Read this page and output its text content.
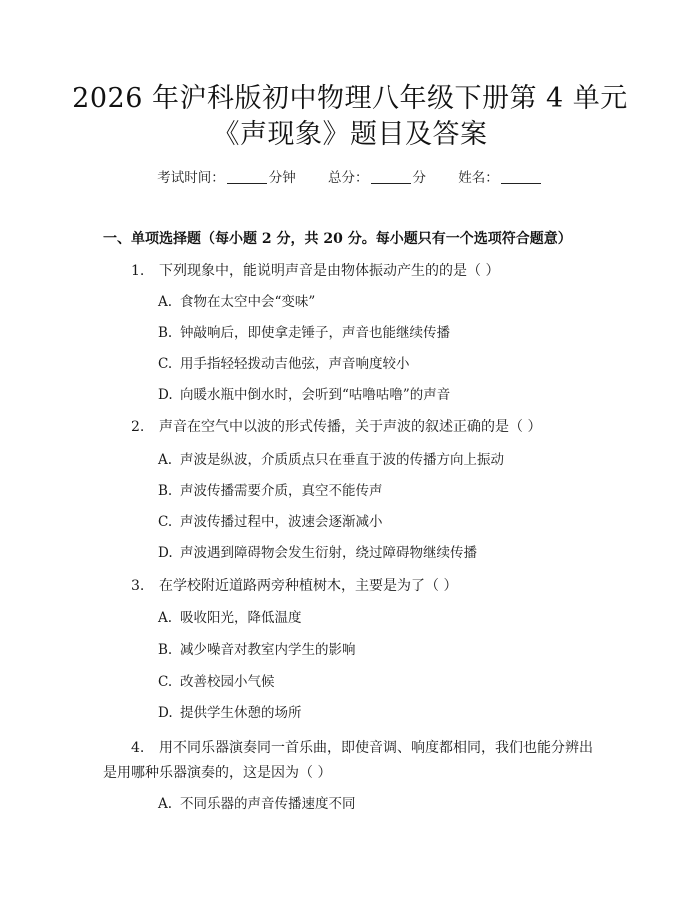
2026 年沪科版初中物理八年级下册第 4 单元
《声现象》题目及答案
考试时间：	分钟 总分：	分 姓名：
一、单项选择题（每小题 2 分，共 20 分。每小题只有一个选项符合题意）
1. 下列现象中，能说明声音是由物体振动产生的的是（ ）
A. 食物在太空中会“变味”
B. 钟敲响后，即使拿走锤子，声音也能继续传播
C. 用手指轻轻拨动吉他弦，声音响度较小
D. 向暖水瓶中倒水时，会听到“咕噜咕噜”的声音
2. 声音在空气中以波的形式传播，关于声波的叙述正确的是（ ）
A. 声波是纵波，介质质点只在垂直于波的传播方向上振动
B. 声波传播需要介质，真空不能传声
C. 声波传播过程中，波速会逐渐减小
D. 声波遇到障碍物会发生衍射，绕过障碍物继续传播
3. 在学校附近道路两旁种植树木，主要是为了（ ）
A. 吸收阳光，降低温度
B. 减少噪音对教室内学生的影响
C. 改善校园小气候
D. 提供学生休憩的场所
4. 用不同乐器演奏同一首乐曲，即使音调、响度都相同，我们也能分辨出是用哪种乐器演奏的，这是因为（ ）
A. 不同乐器的声音传播速度不同
